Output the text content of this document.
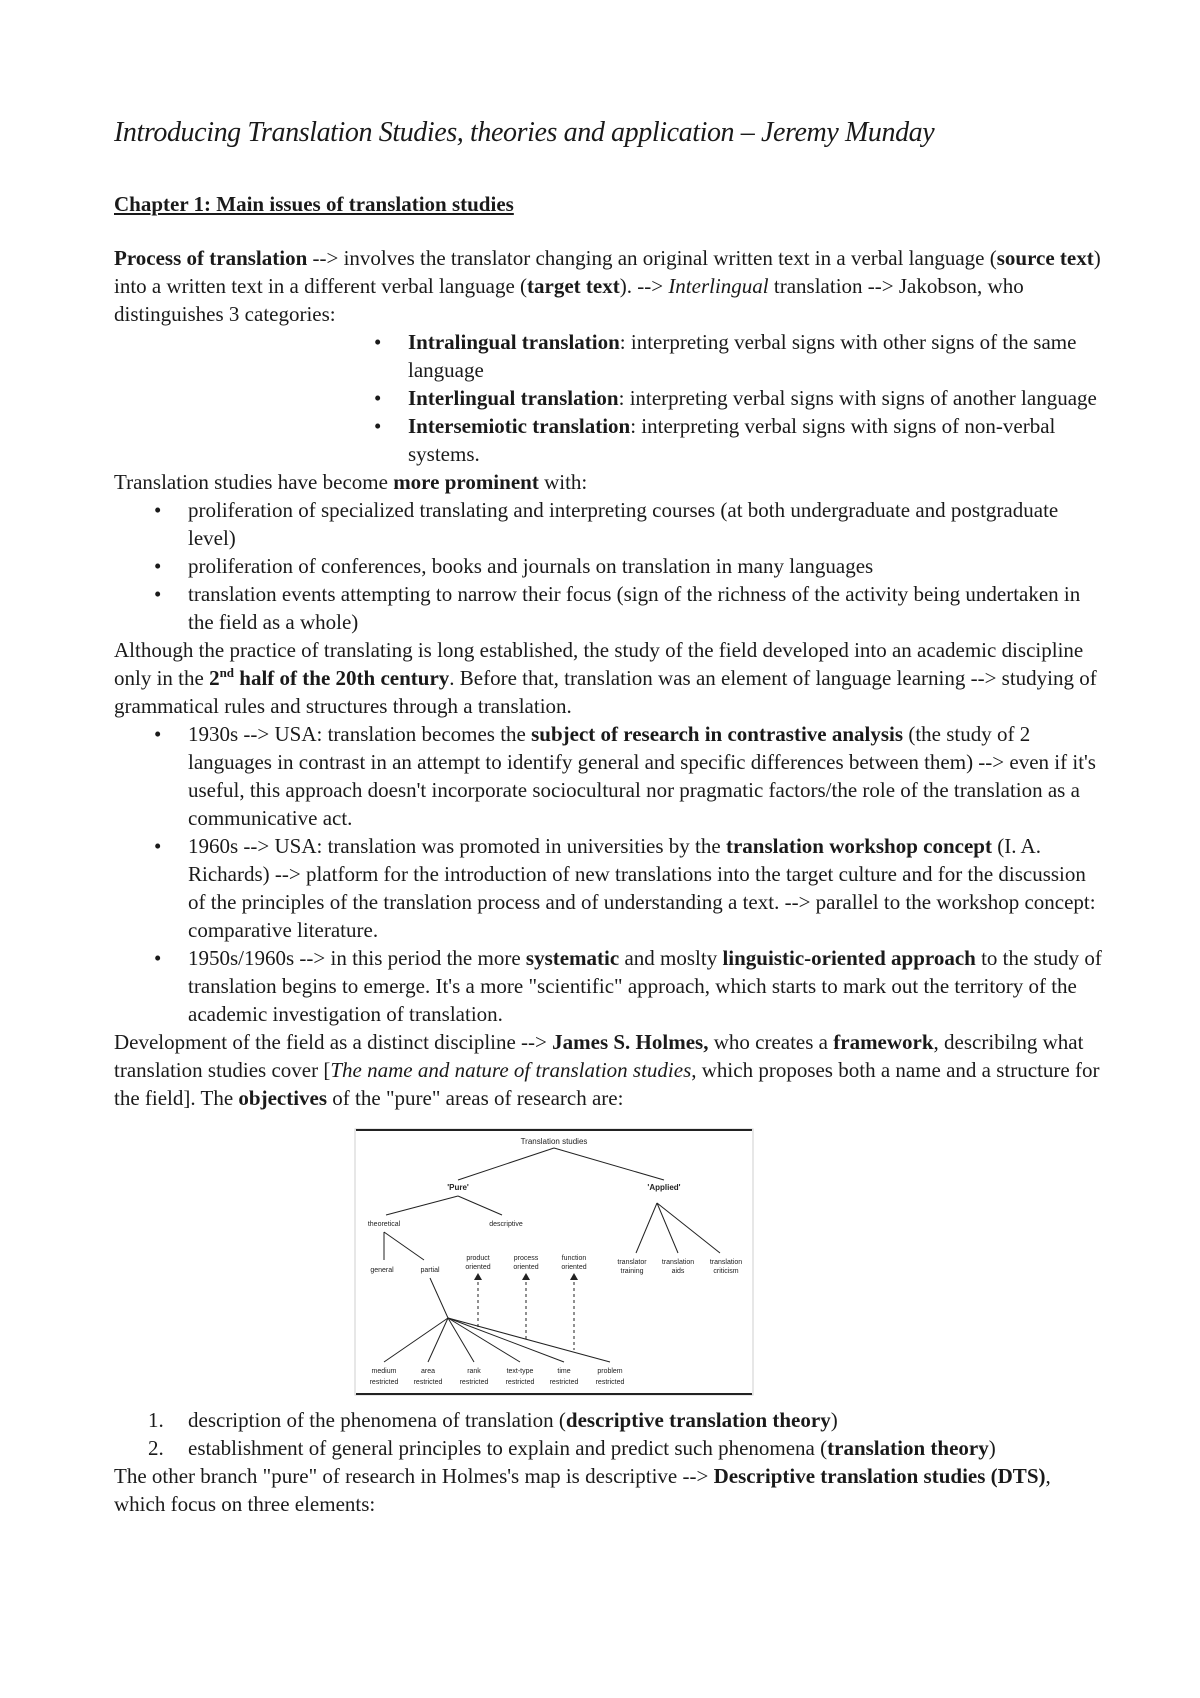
Introducing Translation Studies, theories and application – Jeremy Munday
Chapter 1: Main issues of translation studies

Process of translation --> involves the translator changing an original written text in a verbal language (source text) into a written text in a different verbal language (target text). --> Interlingual translation --> Jakobson, who distinguishes 3 categories:

• Intralingual translation: interpreting verbal signs with other signs of the same language
• Interlingual translation: interpreting verbal signs with signs of another language
• Intersemiotic translation: interpreting verbal signs with signs of non-verbal systems.

Translation studies have become more prominent with:

• proliferation of specialized translating and interpreting courses (at both undergraduate and postgraduate level)
• proliferation of conferences, books and journals on translation in many languages
• translation events attempting to narrow their focus (sign of the richness of the activity being undertaken in the field as a whole)

Although the practice of translating is long established, the study of the field developed into an academic discipline only in the 2nd half of the 20th century. Before that, translation was an element of language learning --> studying of grammatical rules and structures through a translation.

• 1930s --> USA: translation becomes the subject of research in contrastive analysis (the study of 2 languages in contrast in an attempt to identify general and specific differences between them) --> even if it's useful, this approach doesn't incorporate sociocultural nor pragmatic factors/the role of the translation as a communicative act.
• 1960s --> USA: translation was promoted in universities by the translation workshop concept (I. A. Richards) --> platform for the introduction of new translations into the target culture and for the discussion of the principles of the translation process and of understanding a text. --> parallel to the workshop concept: comparative literature.
• 1950s/1960s --> in this period the more systematic and moslty linguistic-oriented approach to the study of translation begins to emerge. It's a more "scientific" approach, which starts to mark out the territory of the academic investigation of translation.

Development of the field as a distinct discipline --> James S. Holmes, who creates a framework, describilng what translation studies cover [The name and nature of translation studies, which proposes both a name and a structure for the field]. The objectives of the "pure" areas of research are:

Translation studies
'Pure'	'Applied'
theoretical	descriptive
general	partial
product
oriented
process
oriented
function
oriented
translator
training
translation
aids
translation
criticism
medium
restricted
area
restricted
rank
restricted
text-type
restricted
time
restricted
problem
restricted
1. description of the phenomena of translation (descriptive translation theory)
2. establishment of general principles to explain and predict such phenomena (translation theory)

The other branch "pure" of research in Holmes's map is descriptive --> Descriptive translation studies (DTS), which focus on three elements:
